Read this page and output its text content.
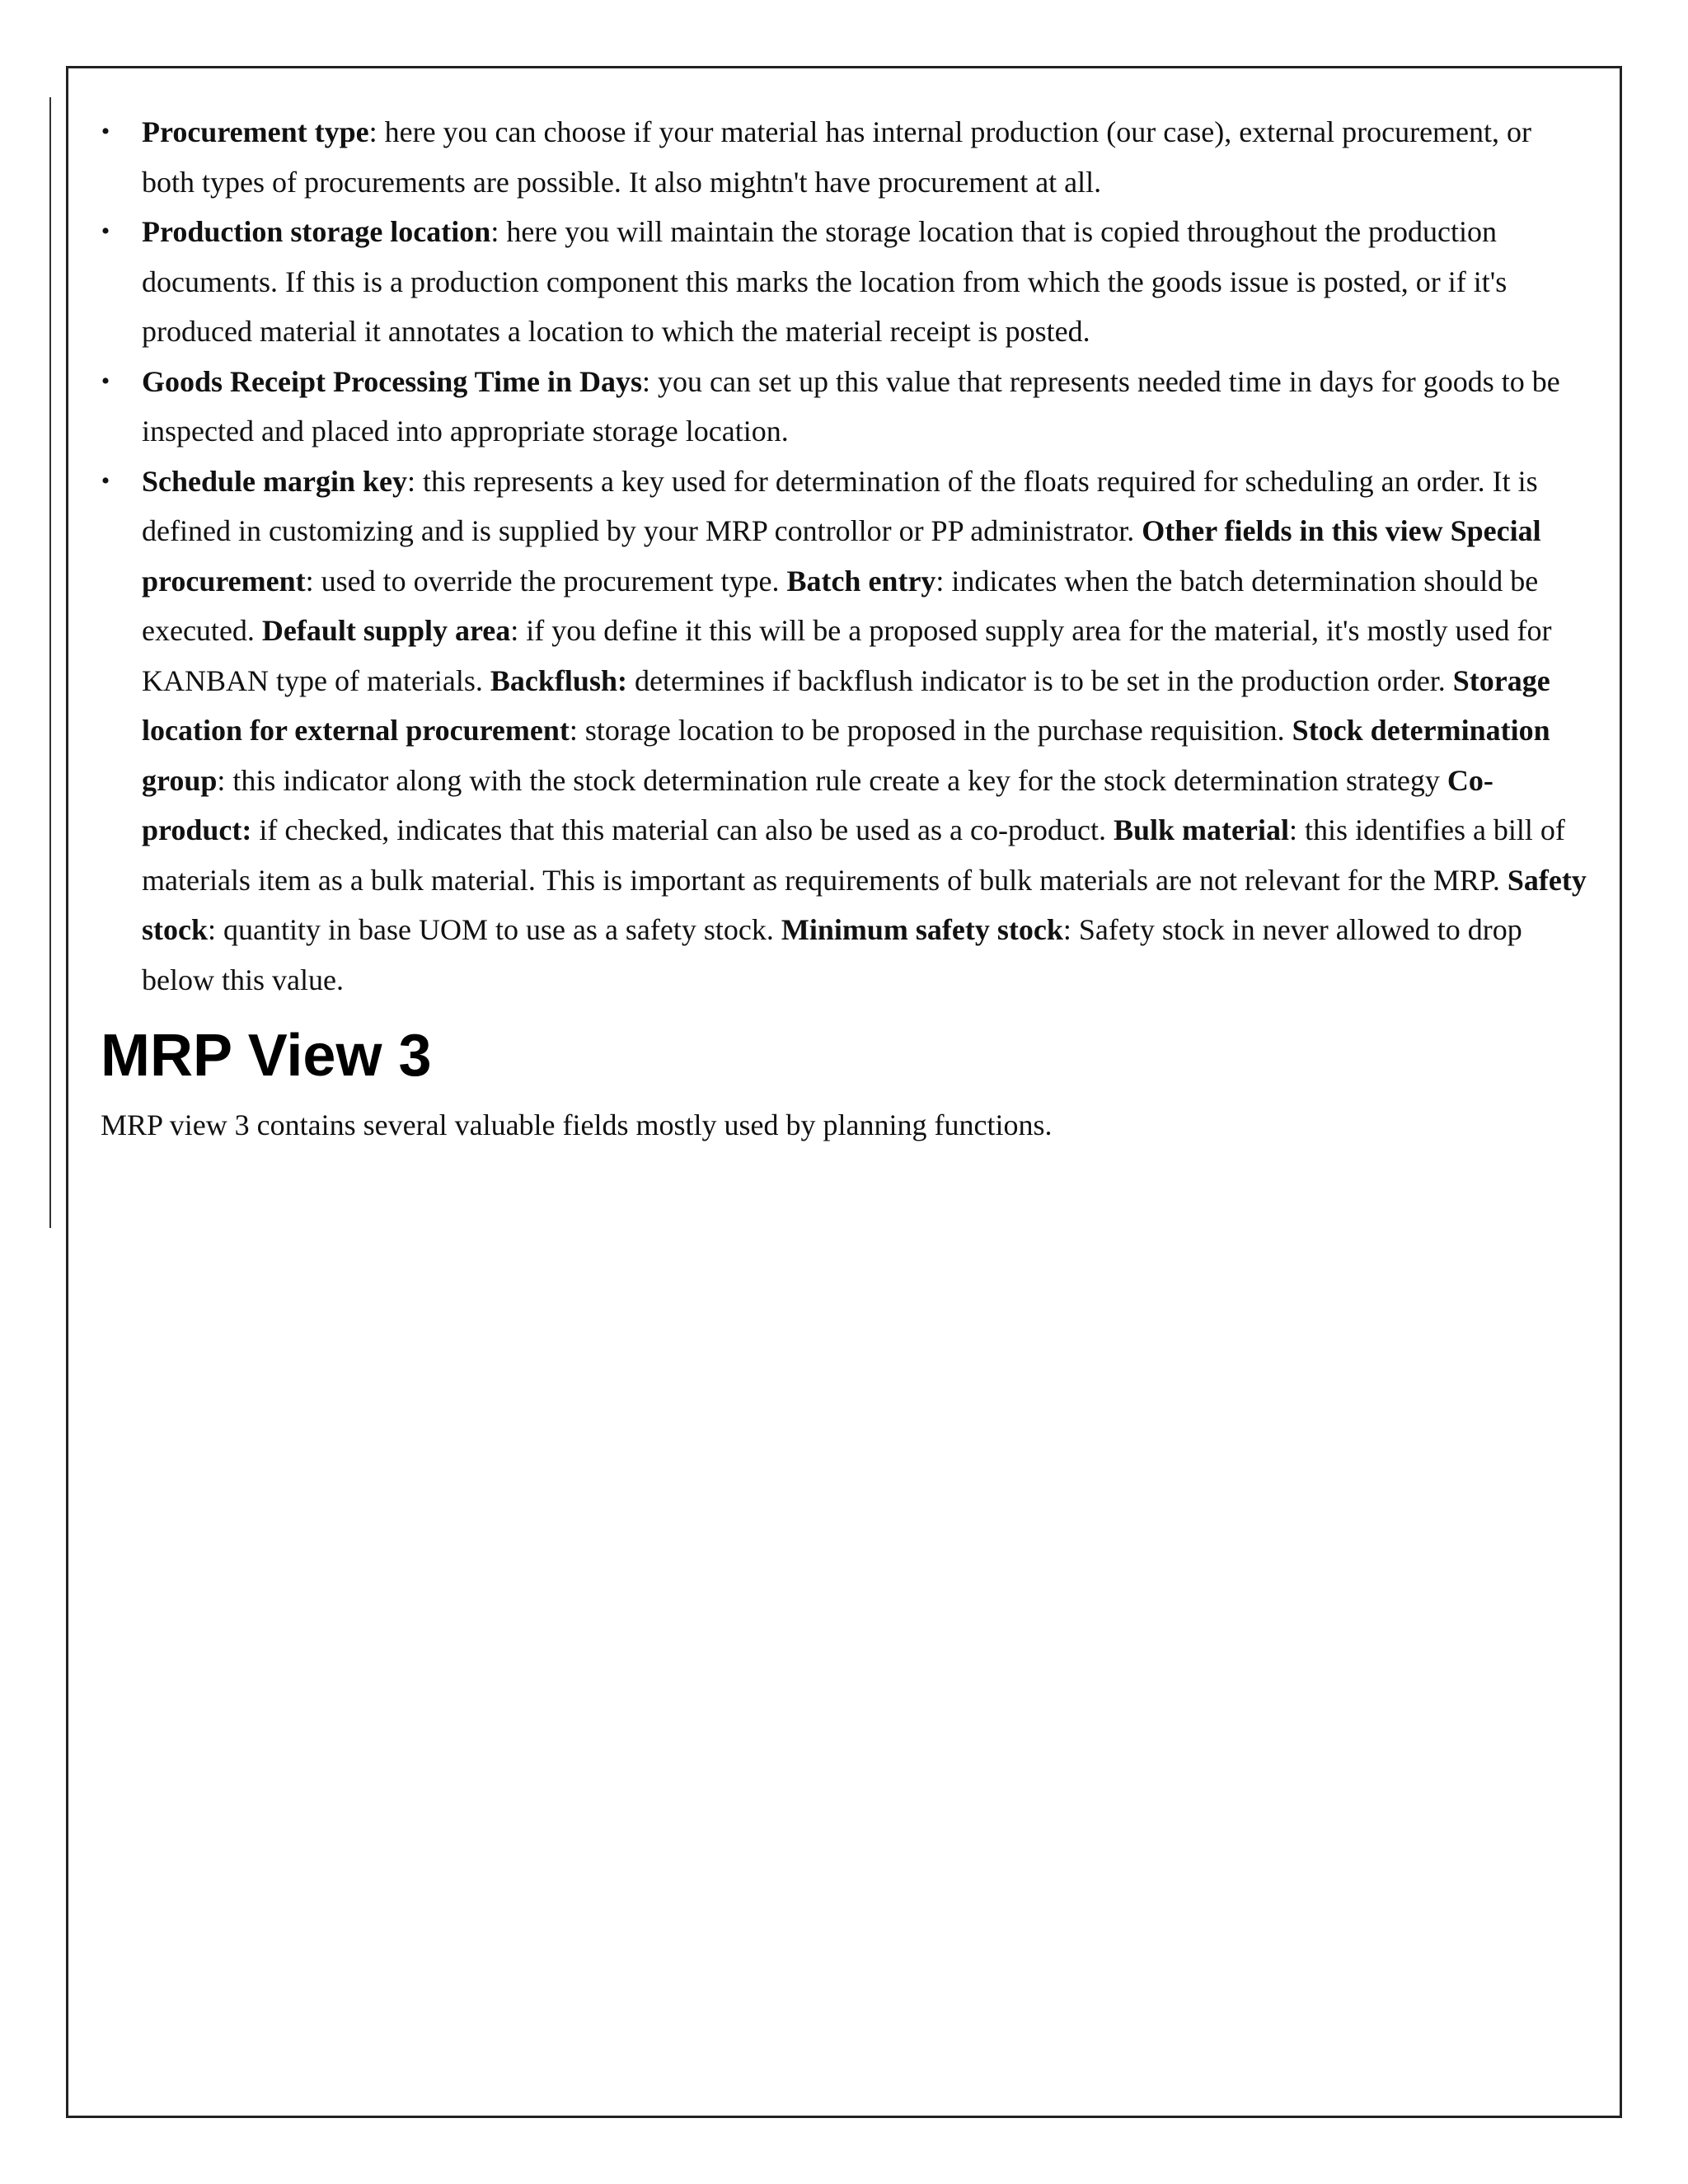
• Procurement type: here you can choose if your material has internal production (our case), external procurement, or both types of procurements are possible. It also mightn't have procurement at all.
• Production storage location: here you will maintain the storage location that is copied throughout the production documents. If this is a production component this marks the location from which the goods issue is posted, or if it's produced material it annotates a location to which the material receipt is posted.
• Goods Receipt Processing Time in Days: you can set up this value that represents needed time in days for goods to be inspected and placed into appropriate storage location.
• Schedule margin key: this represents a key used for determination of the floats required for scheduling an order. It is defined in customizing and is supplied by your MRP controllor or PP administrator. Other fields in this view Special procurement: used to override the procurement type. Batch entry: indicates when the batch determination should be executed. Default supply area: if you define it this will be a proposed supply area for the material, it's mostly used for KANBAN type of materials. Backflush: determines if backflush indicator is to be set in the production order. Storage location for external procurement: storage location to be proposed in the purchase requisition. Stock determination group: this indicator along with the stock determination rule create a key for the stock determination strategy Co-product: if checked, indicates that this material can also be used as a co-product. Bulk material: this identifies a bill of materials item as a bulk material. This is important as requirements of bulk materials are not relevant for the MRP. Safety stock: quantity in base UOM to use as a safety stock. Minimum safety stock: Safety stock in never allowed to drop below this value.
MRP View 3

MRP view 3 contains several valuable fields mostly used by planning functions.
